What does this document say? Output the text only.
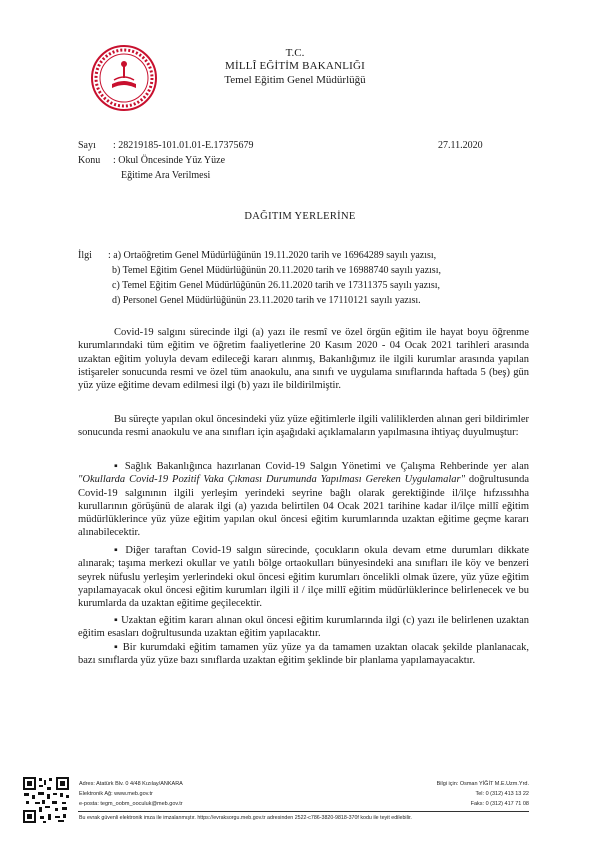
T.C.
MİLLÎ EĞİTİM BAKANLIĞI
Temel Eğitim Genel Müdürlüğü
Sayı : 28219185-101.01.01-E.17375679	27.11.2020
Konu : Okul Öncesinde Yüz Yüze
Eğitime Ara Verilmesi
DAĞITIM YERLERİNE
İlgi : a) Ortaöğretim Genel Müdürlüğünün 19.11.2020 tarih ve 16964289 sayılı yazısı,
b) Temel Eğitim Genel Müdürlüğünün 20.11.2020 tarih ve 16988740 sayılı yazısı,
c) Temel Eğitim Genel Müdürlüğünün 26.11.2020 tarih ve 17311375 sayılı yazısı,
d) Personel Genel Müdürlüğünün 23.11.2020 tarih ve 17110121 sayılı yazısı.

Covid-19 salgını sürecinde ilgi (a) yazı ile resmî ve özel örgün eğitim ile hayat boyu öğrenme kurumlarındaki tüm eğitim ve öğretim faaliyetlerine 20 Kasım 2020 - 04 Ocak 2021 tarihleri arasında uzaktan eğitim yoluyla devam edileceği kararı alınmış, Bakanlığımız ile ilgili kurumlar arasında yapılan istişareler sonucunda resmi ve özel tüm anaokulu, ana sınıfı ve uygulama sınıflarında haftada 5 (beş) gün yüz yüze eğitime devam edilmesi ilgi (b) yazı ile bildirilmiştir.

Bu süreçte yapılan okul öncesindeki yüz yüze eğitimlerle ilgili valiliklerden alınan geri bildirimler sonucunda resmi anaokulu ve ana sınıfları için aşağıdaki açıklamaların yapılmasına ihtiyaç duyulmuştur:

▪ Sağlık Bakanlığınca hazırlanan Covid-19 Salgın Yönetimi ve Çalışma Rehberinde yer alan "Okullarda Covid-19 Pozitif Vaka Çıkması Durumunda Yapılması Gereken Uygulamalar" doğrultusunda Covid-19 salgınının ilgili yerleşim yerindeki seyrine bağlı olarak gerektiğinde il/ilçe hıfzıssıhha kurullarının görüşünü de alarak ilgi (a) yazıda belirtilen 04 Ocak 2021 tarihine kadar il/ilçe millî eğitim müdürlüklerince yüz yüze eğitim yapılan okul öncesi eğitim kurumlarında uzaktan eğitime geçme kararı alınabilecektir.

▪ Diğer taraftan Covid-19 salgın sürecinde, çocukların okula devam etme durumları dikkate alınarak; taşıma merkezi okullar ve yatılı bölge ortaokulları bünyesindeki ana sınıfları ile köy ve benzeri seyrek nüfuslu yerleşim yerlerindeki okul öncesi eğitim kurumları öncelikli olmak üzere, yüz yüze eğitim yapılamayacak okul öncesi eğitim kurumları ilgili il / ilçe millî eğitim müdürlüklerince belirlenecek ve bu kurumlarda da uzaktan eğitime geçilecektir.

▪ Uzaktan eğitim kararı alınan okul öncesi eğitim kurumlarında ilgi (c) yazı ile belirlenen uzaktan eğitim esasları doğrultusunda uzaktan eğitim yapılacaktır.

▪ Bir kurumdaki eğitim tamamen yüz yüze ya da tamamen uzaktan olacak şekilde planlanacak, bazı sınıflarda yüz yüze bazı sınıflarda uzaktan eğitim şeklinde bir planlama yapılamayacaktır.

Adres: Atatürk Blv. 0 4/48 Kızılay/ANKARA
Elektronik Ağ: www.meb.gov.tr
e-posta: tegm_oobm_ooculuk@meb.gov.tr
Bilgi için: Osman YİĞİT M.E.Uzm.Yrd.
Tel: 0 (312) 413 13 22
Faks: 0 (312) 417 71 08
Bu evrak güvenli elektronik imza ile imzalanmıştır. https://evraksorgu.meb.gov.tr adresinden 2522-c786-3820-9818-370f kodu ile teyit edilebilir.
